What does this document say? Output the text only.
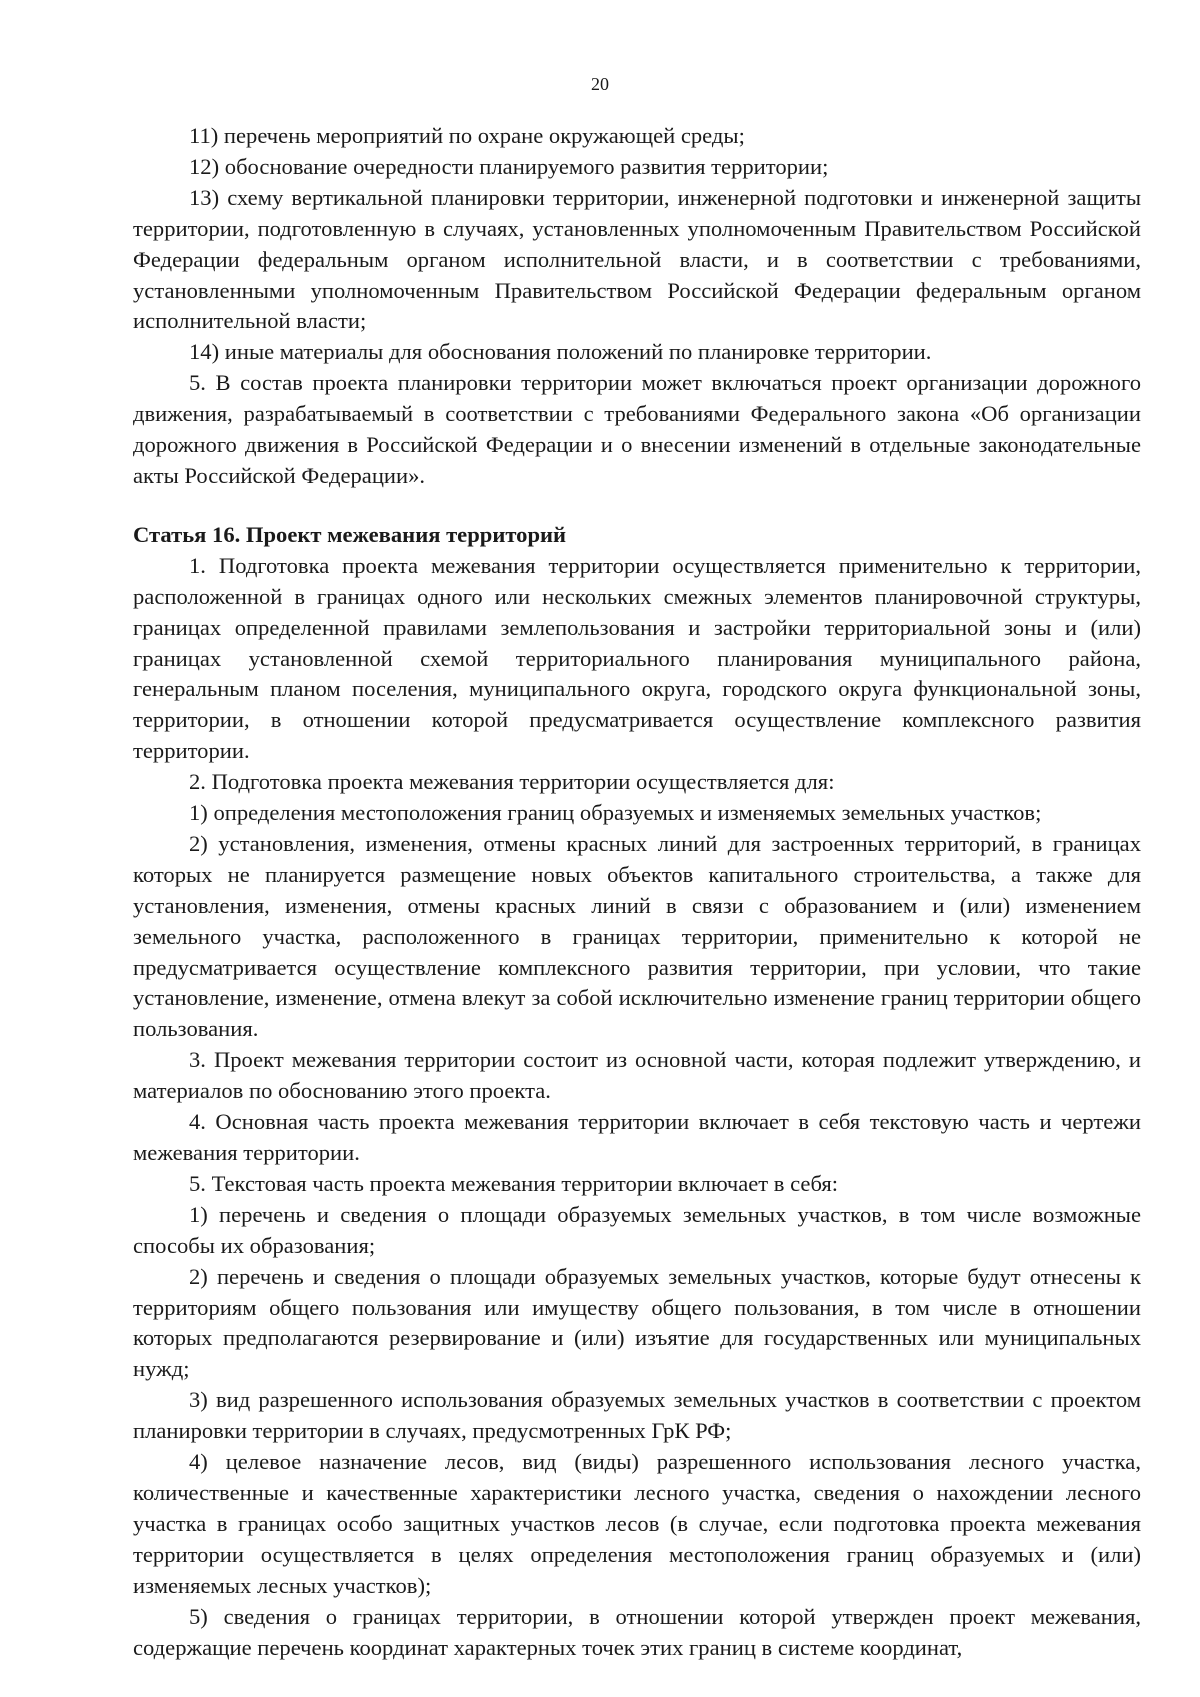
20

11) перечень мероприятий по охране окружающей среды;

12) обоснование очередности планируемого развития территории;

13) схему вертикальной планировки территории, инженерной подготовки и инженерной защиты территории, подготовленную в случаях, установленных уполномоченным Правительством Российской Федерации федеральным органом исполнительной власти, и в соответствии с требованиями, установленными уполномоченным Правительством Российской Федерации федеральным органом исполнительной власти;

14) иные материалы для обоснования положений по планировке территории.

5. В состав проекта планировки территории может включаться проект организации дорожного движения, разрабатываемый в соответствии с требованиями Федерального закона «Об организации дорожного движения в Российской Федерации и о внесении изменений в отдельные законодательные акты Российской Федерации».

Статья 16. Проект межевания территорий

1. Подготовка проекта межевания территории осуществляется применительно к территории, расположенной в границах одного или нескольких смежных элементов планировочной структуры, границах определенной правилами землепользования и застройки территориальной зоны и (или) границах установленной схемой территориального планирования муниципального района, генеральным планом поселения, муниципального округа, городского округа функциональной зоны, территории, в отношении которой предусматривается осуществление комплексного развития территории.

2. Подготовка проекта межевания территории осуществляется для:

1) определения местоположения границ образуемых и изменяемых земельных участков;

2) установления, изменения, отмены красных линий для застроенных территорий, в границах которых не планируется размещение новых объектов капитального строительства, а также для установления, изменения, отмены красных линий в связи с образованием и (или) изменением земельного участка, расположенного в границах территории, применительно к которой не предусматривается осуществление комплексного развития территории, при условии, что такие установление, изменение, отмена влекут за собой исключительно изменение границ территории общего пользования.

3. Проект межевания территории состоит из основной части, которая подлежит утверждению, и материалов по обоснованию этого проекта.

4. Основная часть проекта межевания территории включает в себя текстовую часть и чертежи межевания территории.

5. Текстовая часть проекта межевания территории включает в себя:

1) перечень и сведения о площади образуемых земельных участков, в том числе возможные способы их образования;

2) перечень и сведения о площади образуемых земельных участков, которые будут отнесены к территориям общего пользования или имуществу общего пользования, в том числе в отношении которых предполагаются резервирование и (или) изъятие для государственных или муниципальных нужд;

3) вид разрешенного использования образуемых земельных участков в соответствии с проектом планировки территории в случаях, предусмотренных ГрК РФ;

4) целевое назначение лесов, вид (виды) разрешенного использования лесного участка, количественные и качественные характеристики лесного участка, сведения о нахождении лесного участка в границах особо защитных участков лесов (в случае, если подготовка проекта межевания территории осуществляется в целях определения местоположения границ образуемых и (или) изменяемых лесных участков);

5) сведения о границах территории, в отношении которой утвержден проект межевания, содержащие перечень координат характерных точек этих границ в системе координат,
